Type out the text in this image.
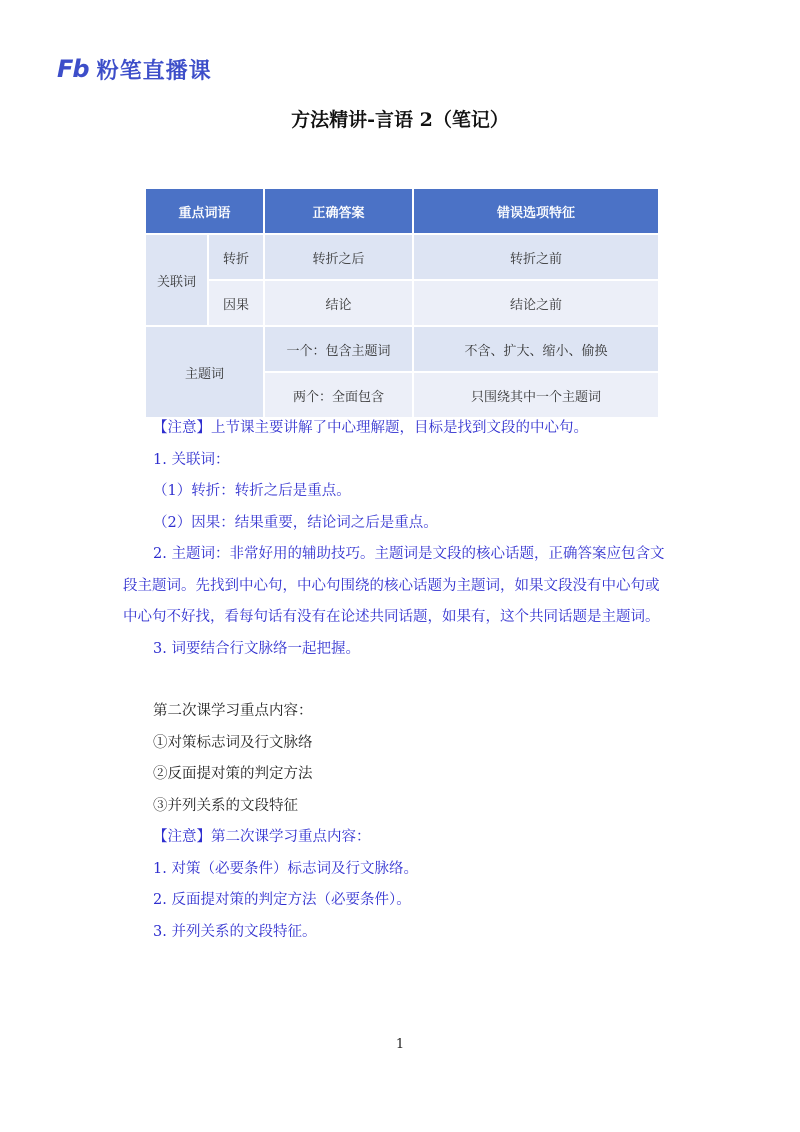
Fb 粉笔直播课
方法精讲-言语 2（笔记）
重点词语		正确答案	错误选项特征
关联词	转折	转折之后	转折之前
	因果	结论	结论之前
主题词		一个：包含主题词	不含、扩大、缩小、偷换
		两个：全面包含	只围绕其中一个主题词

【注意】上节课主要讲解了中心理解题，目标是找到文段的中心句。

1. 关联词：

（1）转折：转折之后是重点。

（2）因果：结果重要，结论词之后是重点。

2. 主题词：非常好用的辅助技巧。主题词是文段的核心话题，正确答案应包含文段主题词。先找到中心句，中心句围绕的核心话题为主题词，如果文段没有中心句或中心句不好找，看每句话有没有在论述共同话题，如果有，这个共同话题是主题词。

3. 词要结合行文脉络一起把握。

第二次课学习重点内容：

①对策标志词及行文脉络

②反面提对策的判定方法

③并列关系的文段特征

【注意】第二次课学习重点内容：

1. 对策（必要条件）标志词及行文脉络。

2. 反面提对策的判定方法（必要条件）。

3. 并列关系的文段特征。

1
